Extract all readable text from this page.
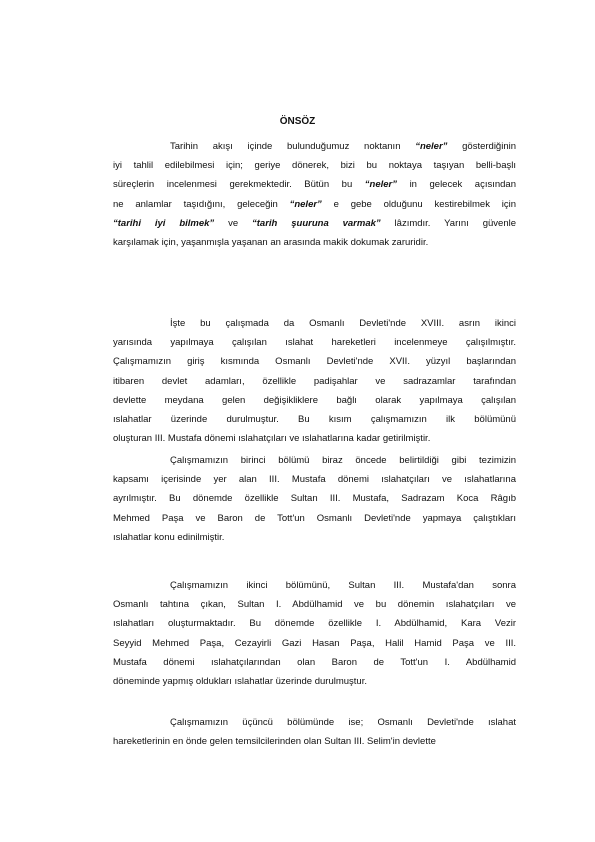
ÖNSÖZ
Tarihin akışı içinde bulunduğumuz noktanın “neler” gösterdiğinin
iyi tahlil edilebilmesi için; geriye dönerek, bizi bu noktaya taşıyan belli-başlı
süreçlerin incelenmesi gerekmektedir. Bütün bu “neler” in gelecek açısından
ne anlamlar taşıdığını, geleceğin “neler” e gebe olduğunu kestirebilmek için
“tarihi iyi bilmek” ve “tarih şuuruna varmak” lâzımdır. Yarını güvenle
karşılamak için, yaşanmışla yaşanan an arasında makik dokumak zaruridir.
İşte bu çalışmada da Osmanlı Devleti'nde XVIII. asrın ikinci
yarısında yapılmaya çalışılan ıslahat hareketleri incelenmeye çalışılmıştır.
Çalışmamızın giriş kısmında Osmanlı Devleti'nde XVII. yüzyıl başlarından
itibaren devlet adamları, özellikle padişahlar ve sadrazamlar tarafından
devlette meydana gelen değişikliklere bağlı olarak yapılmaya çalışılan
ıslahatlar üzerinde durulmuştur. Bu kısım çalışmamızın ilk bölümünü
oluşturan III. Mustafa dönemi ıslahatçıları ve ıslahatlarına kadar getirilmiştir.
Çalışmamızın birinci bölümü biraz öncede belirtildiği gibi tezimizin
kapsamı içerisinde yer alan III. Mustafa dönemi ıslahatçıları ve ıslahatlarına
ayrılmıştır. Bu dönemde özellikle Sultan III. Mustafa, Sadrazam Koca Râgıb
Mehmed Paşa ve Baron de Tott'un Osmanlı Devleti'nde yapmaya çalıştıkları
ıslahatlar konu edinilmiştir.
Çalışmamızın ikinci bölümünü, Sultan III. Mustafa'dan sonra
Osmanlı tahtına çıkan, Sultan I. Abdülhamid ve bu dönemin ıslahatçıları ve
ıslahatları oluşturmaktadır. Bu dönemde özellikle I. Abdülhamid, Kara Vezir
Seyyid Mehmed Paşa, Cezayirli Gazi Hasan Paşa, Halil Hamid Paşa ve III.
Mustafa dönemi ıslahatçılarından olan Baron de Tott'un I. Abdülhamid
döneminde yapmış oldukları ıslahatlar üzerinde durulmuştur.
Çalışmamızın üçüncü bölümünde ise; Osmanlı Devleti'nde ıslahat
hareketlerinin en önde gelen temsilcilerinden olan Sultan III. Selim'in devlette
